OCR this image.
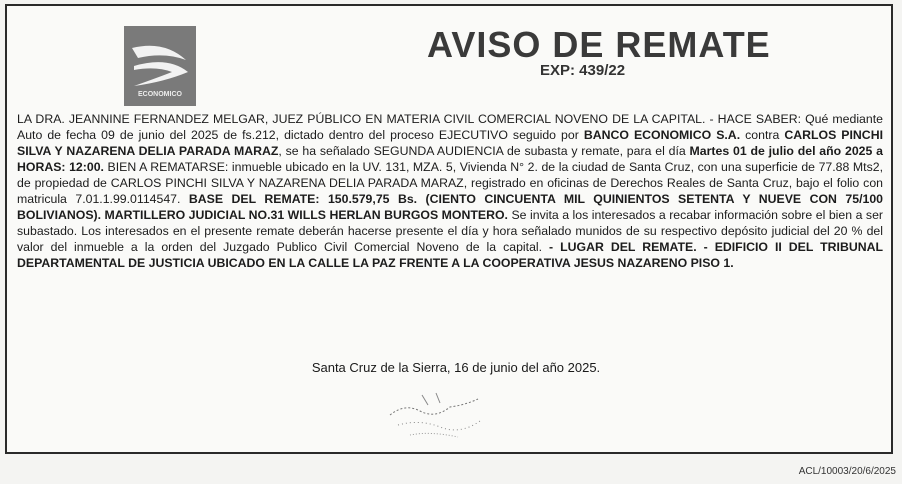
ECONOMICO
AVISO DE REMATE
EXP: 439/22
LA DRA. JEANNINE FERNANDEZ MELGAR, JUEZ PÚBLICO EN MATERIA CIVIL COMERCIAL NOVENO DE LA CAPITAL. - HACE SABER: Qué mediante Auto de fecha 09 de junio del 2025 de fs.212, dictado dentro del proceso EJECUTIVO seguido por BANCO ECONOMICO S.A. contra CARLOS PINCHI SILVA Y NAZARENA DELIA PARADA MARAZ, se ha señalado SEGUNDA AUDIENCIA de subasta y remate, para el día Martes 01 de julio del año 2025 a HORAS: 12:00. BIEN A REMATARSE: inmueble ubicado en la UV. 131, MZA. 5, Vivienda N° 2. de la ciudad de Santa Cruz, con una superficie de 77.88 Mts2, de propiedad de CARLOS PINCHI SILVA Y NAZARENA DELIA PARADA MARAZ, registrado en oficinas de Derechos Reales de Santa Cruz, bajo el folio con matricula 7.01.1.99.0114547. BASE DEL REMATE: 150.579,75 Bs. (CIENTO CINCUENTA MIL QUINIENTOS SETENTA Y NUEVE CON 75/100 BOLIVIANOS). MARTILLERO JUDICIAL NO.31 WILLS HERLAN BURGOS MONTERO. Se invita a los interesados a recabar información sobre el bien a ser subastado. Los interesados en el presente remate deberán hacerse presente el día y hora señalado munidos de su respectivo depósito judicial del 20 % del valor del inmueble a la orden del Juzgado Publico Civil Comercial Noveno de la capital. - LUGAR DEL REMATE. - EDIFICIO II DEL TRIBUNAL DEPARTAMENTAL DE JUSTICIA UBICADO EN LA CALLE LA PAZ FRENTE A LA COOPERATIVA JESUS NAZARENO PISO 1.
Santa Cruz de la Sierra, 16 de junio del año 2025.
ACL/10003/20/6/2025
